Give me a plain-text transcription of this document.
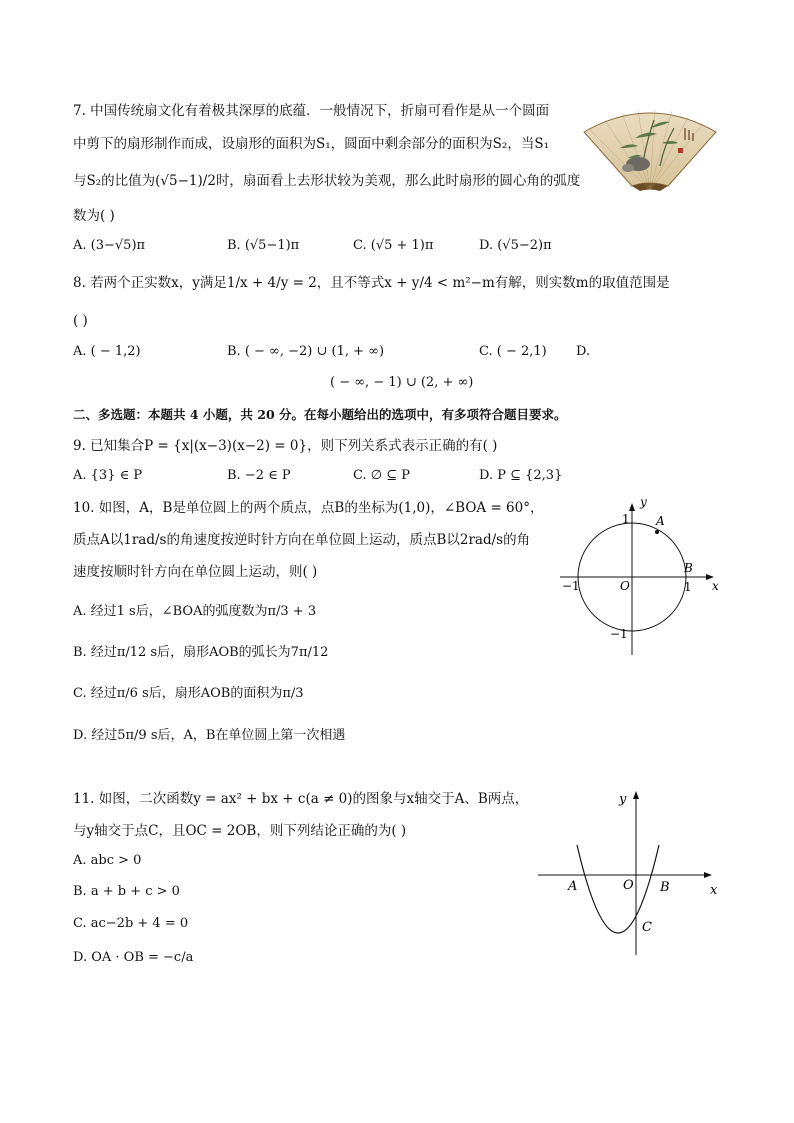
7. 中国传统扇文化有着极其深厚的底蕴．一般情况下，折扇可看作是从一个圆面
中剪下的扇形制作而成，设扇形的面积为S₁，圆面中剩余部分的面积为S₂，当S₁
与S₂的比值为(√5−1)/2时，扇面看上去形状较为美观，那么此时扇形的圆心角的弧度
数为( )
A. (3−√5)π	B. (√5−1)π	C. (√5 + 1)π	D. (√5−2)π
8. 若两个正实数x，y满足1/x + 4/y = 2，且不等式x + y/4 < m²−m有解，则实数m的取值范围是
( )
A. ( − 1,2)	B. ( − ∞, −2) ∪ (1, + ∞)	C. ( − 2,1) D.
( − ∞, − 1) ∪ (2, + ∞)
二、多选题：本题共 4 小题，共 20 分。在每小题给出的选项中，有多项符合题目要求。
9. 已知集合P = {x|(x−3)(x−2) = 0}，则下列关系式表示正确的有( )
A. {3} ∈ P	B. −2 ∈ P	C. ∅ ⊆ P	D. P ⊆ {2,3}
10. 如图，A，B是单位圆上的两个质点，点B的坐标为(1,0)，∠BOA = 60°，
质点A以1rad/s的角速度按逆时针方向在单位圆上运动，质点B以2rad/s的角
速度按顺时针方向在单位圆上运动，则( )
A. 经过1 s后，∠BOA的弧度数为π/3 + 3
B. 经过π/12 s后，扇形AOB的弧长为7π/12
C. 经过π/6 s后，扇形AOB的面积为π/3
D. 经过5π/9 s后，A，B在单位圆上第一次相遇
y
x
1
1
−1
−1
O
A
B
11. 如图，二次函数y = ax² + bx + c(a ≠ 0)的图象与x轴交于A、B两点，
与y轴交于点C，且OC = 2OB，则下列结论正确的为( )
A. abc > 0
B. a + b + c > 0
C. ac−2b + 4 = 0
D. OA · OB = −c/a
y
x
O
A	B
C
